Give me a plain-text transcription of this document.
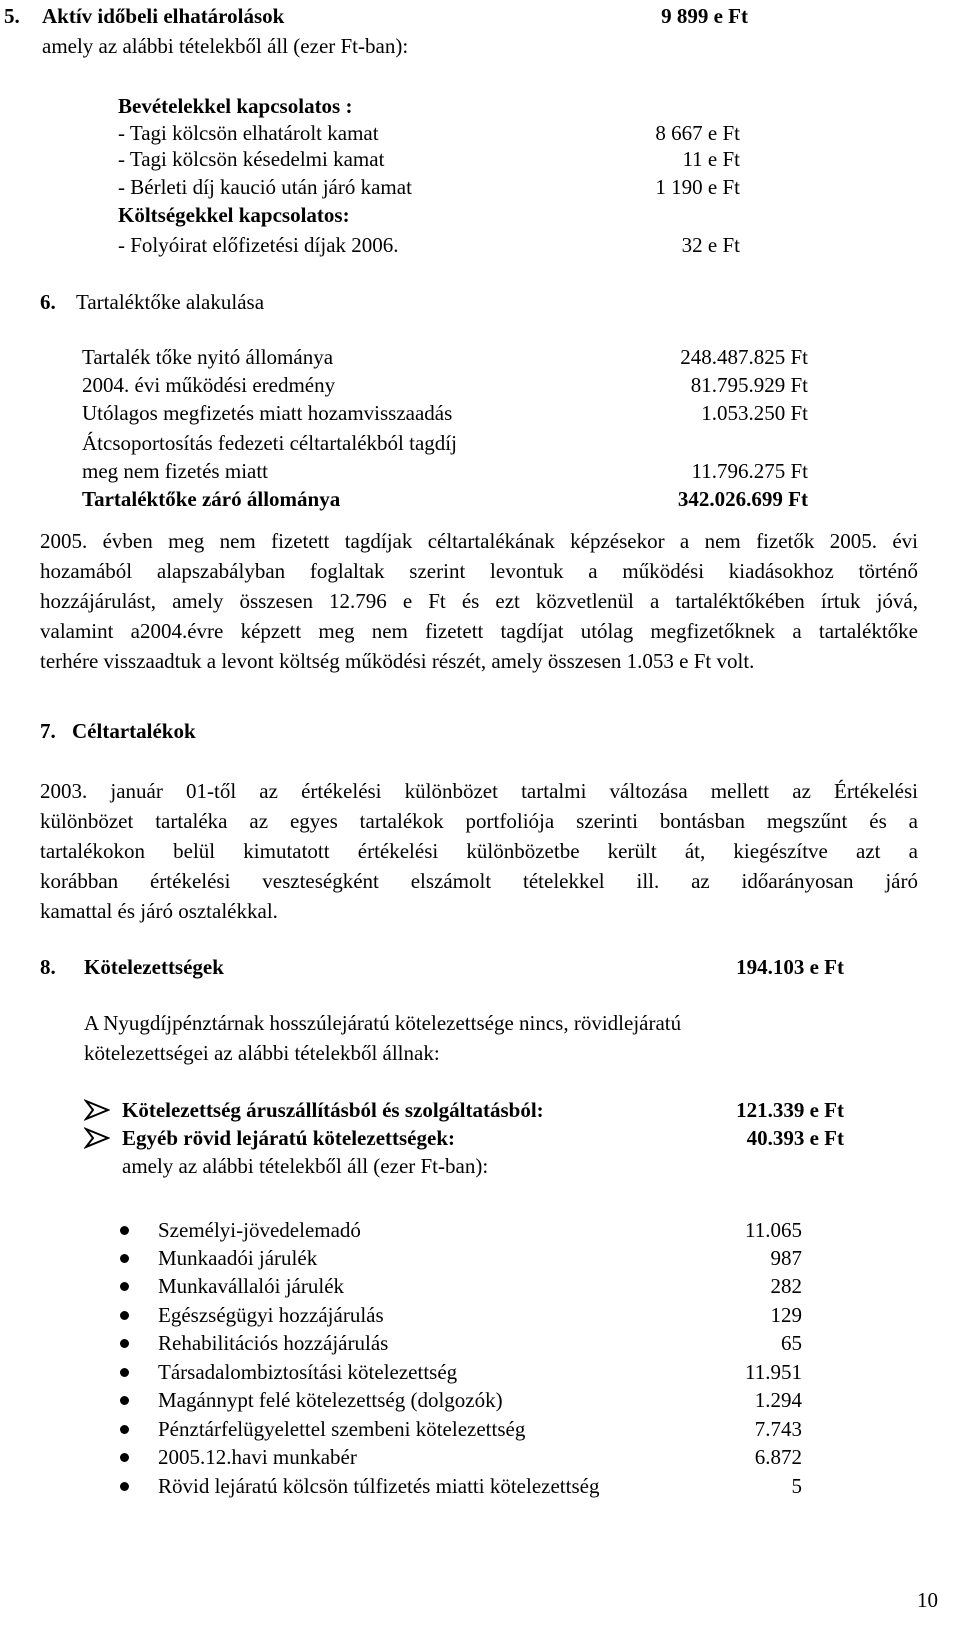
5. Aktív időbeli elhatárolások	9 899 e Ft
amely az alábbi tételekből áll (ezer Ft-ban):
Bevételekkel kapcsolatos :
- Tagi kölcsön elhatárolt kamat	8 667 e Ft
- Tagi kölcsön késedelmi kamat	11 e Ft
- Bérleti díj kaució után járó kamat	1 190 e Ft
Költségekkel kapcsolatos:
- Folyóirat előfizetési díjak 2006.	32 e Ft
6. Tartaléktőke alakulása
Tartalék tőke nyitó állománya	248.487.825 Ft
2004. évi működési eredmény	81.795.929 Ft
Utólagos megfizetés miatt hozamvisszaadás	1.053.250 Ft
Átcsoportosítás fedezeti céltartalékból tagdíj
meg nem fizetés miatt	11.796.275 Ft
Tartaléktőke záró állománya	342.026.699 Ft
2005. évben meg nem fizetett tagdíjak céltartalékának képzésekor a nem fizetők 2005. évi
hozamából alapszabályban foglaltak szerint levontuk a működési kiadásokhoz történő
hozzájárulást, amely összesen 12.796 e Ft és ezt közvetlenül a tartaléktőkében írtuk jóvá,
valamint a2004.évre képzett meg nem fizetett tagdíjat utólag megfizetőknek a tartaléktőke
terhére visszaadtuk a levont költség működési részét, amely összesen 1.053 e Ft volt.
7. Céltartalékok
2003. január 01-től az értékelési különbözet tartalmi változása mellett az Értékelési
különbözet tartaléka az egyes tartalékok portfoliója szerinti bontásban megszűnt és a
tartalékokon belül kimutatott értékelési különbözetbe került át, kiegészítve azt a
korábban értékelési veszteségként elszámolt tételekkel ill. az időarányosan járó
kamattal és járó osztalékkal.
8. Kötelezettségek	194.103 e Ft
A Nyugdíjpénztárnak hosszúlejáratú kötelezettsége nincs, rövidlejáratú
kötelezettségei az alábbi tételekből állnak:
Kötelezettség áruszállításból és szolgáltatásból:	121.339 e Ft
Egyéb rövid lejáratú kötelezettségek:	40.393 e Ft
amely az alábbi tételekből áll (ezer Ft-ban):
Személyi-jövedelemadó	11.065
Munkaadói járulék	987
Munkavállalói járulék	282
Egészségügyi hozzájárulás	129
Rehabilitációs hozzájárulás	65
Társadalombiztosítási kötelezettség	11.951
Magánnypt felé kötelezettség (dolgozók)	1.294
Pénztárfelügyelettel szembeni kötelezettség	7.743
2005.12.havi munkabér	6.872
Rövid lejáratú kölcsön túlfizetés miatti kötelezettség	5
10
